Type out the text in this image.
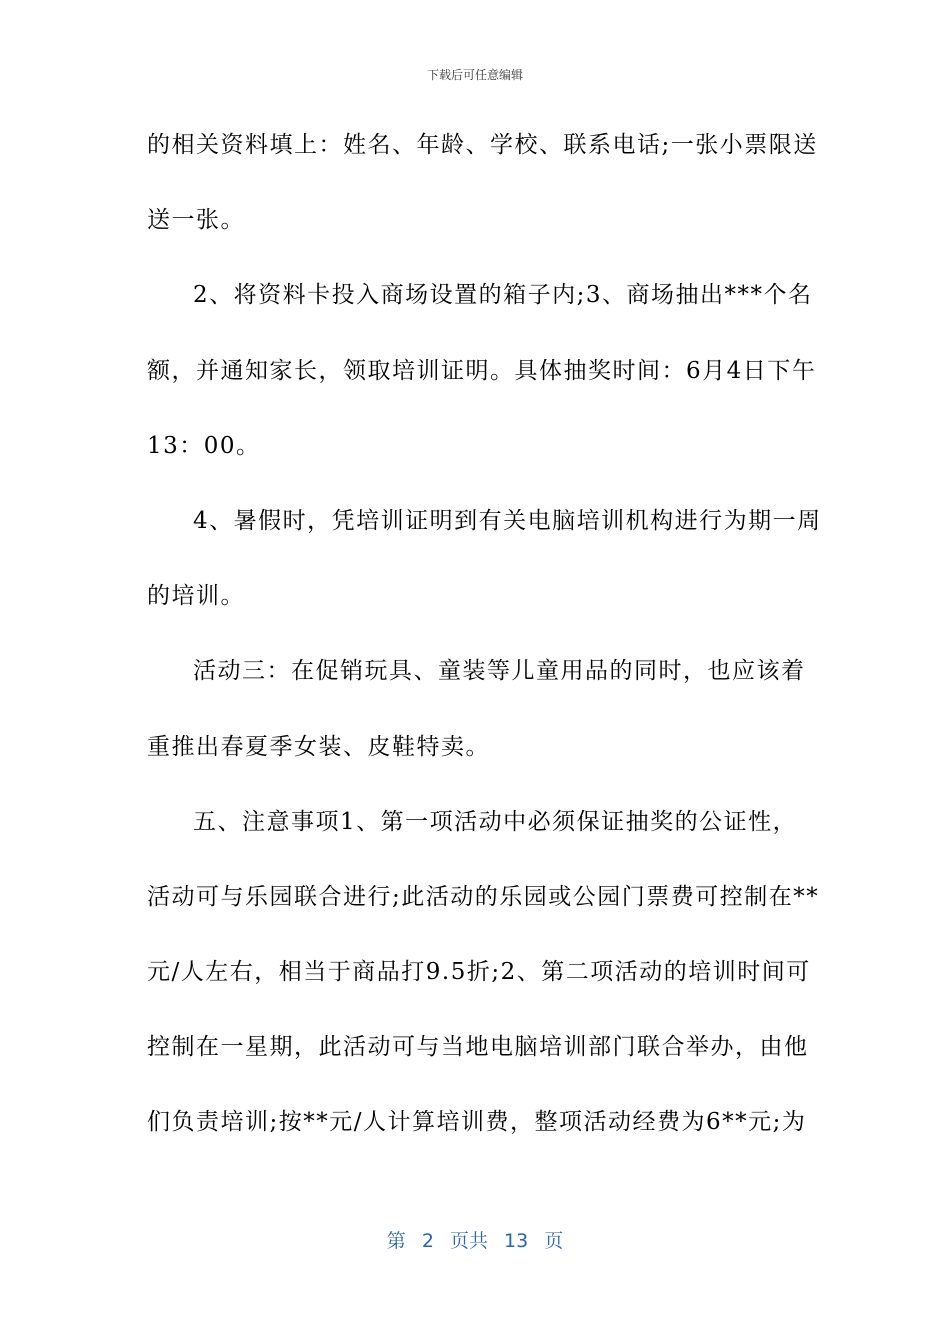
下载后可任意编辑
的相关资料填上：姓名、年龄、学校、联系电话;一张小票限送
送一张。
2、将资料卡投入商场设置的箱子内;3、商场抽出***个名
额，并通知家长，领取培训证明。具体抽奖时间：6月4日下午
13：00。
4、暑假时，凭培训证明到有关电脑培训机构进行为期一周
的培训。
活动三：在促销玩具、童装等儿童用品的同时，也应该着
重推出春夏季女装、皮鞋特卖。
五、注意事项1、第一项活动中必须保证抽奖的公证性，
活动可与乐园联合进行;此活动的乐园或公园门票费可控制在**
元/人左右，相当于商品打9.5折;2、第二项活动的培训时间可
控制在一星期，此活动可与当地电脑培训部门联合举办，由他
们负责培训;按**元/人计算培训费，整项活动经费为6**元;为
第 2 页共 13 页
